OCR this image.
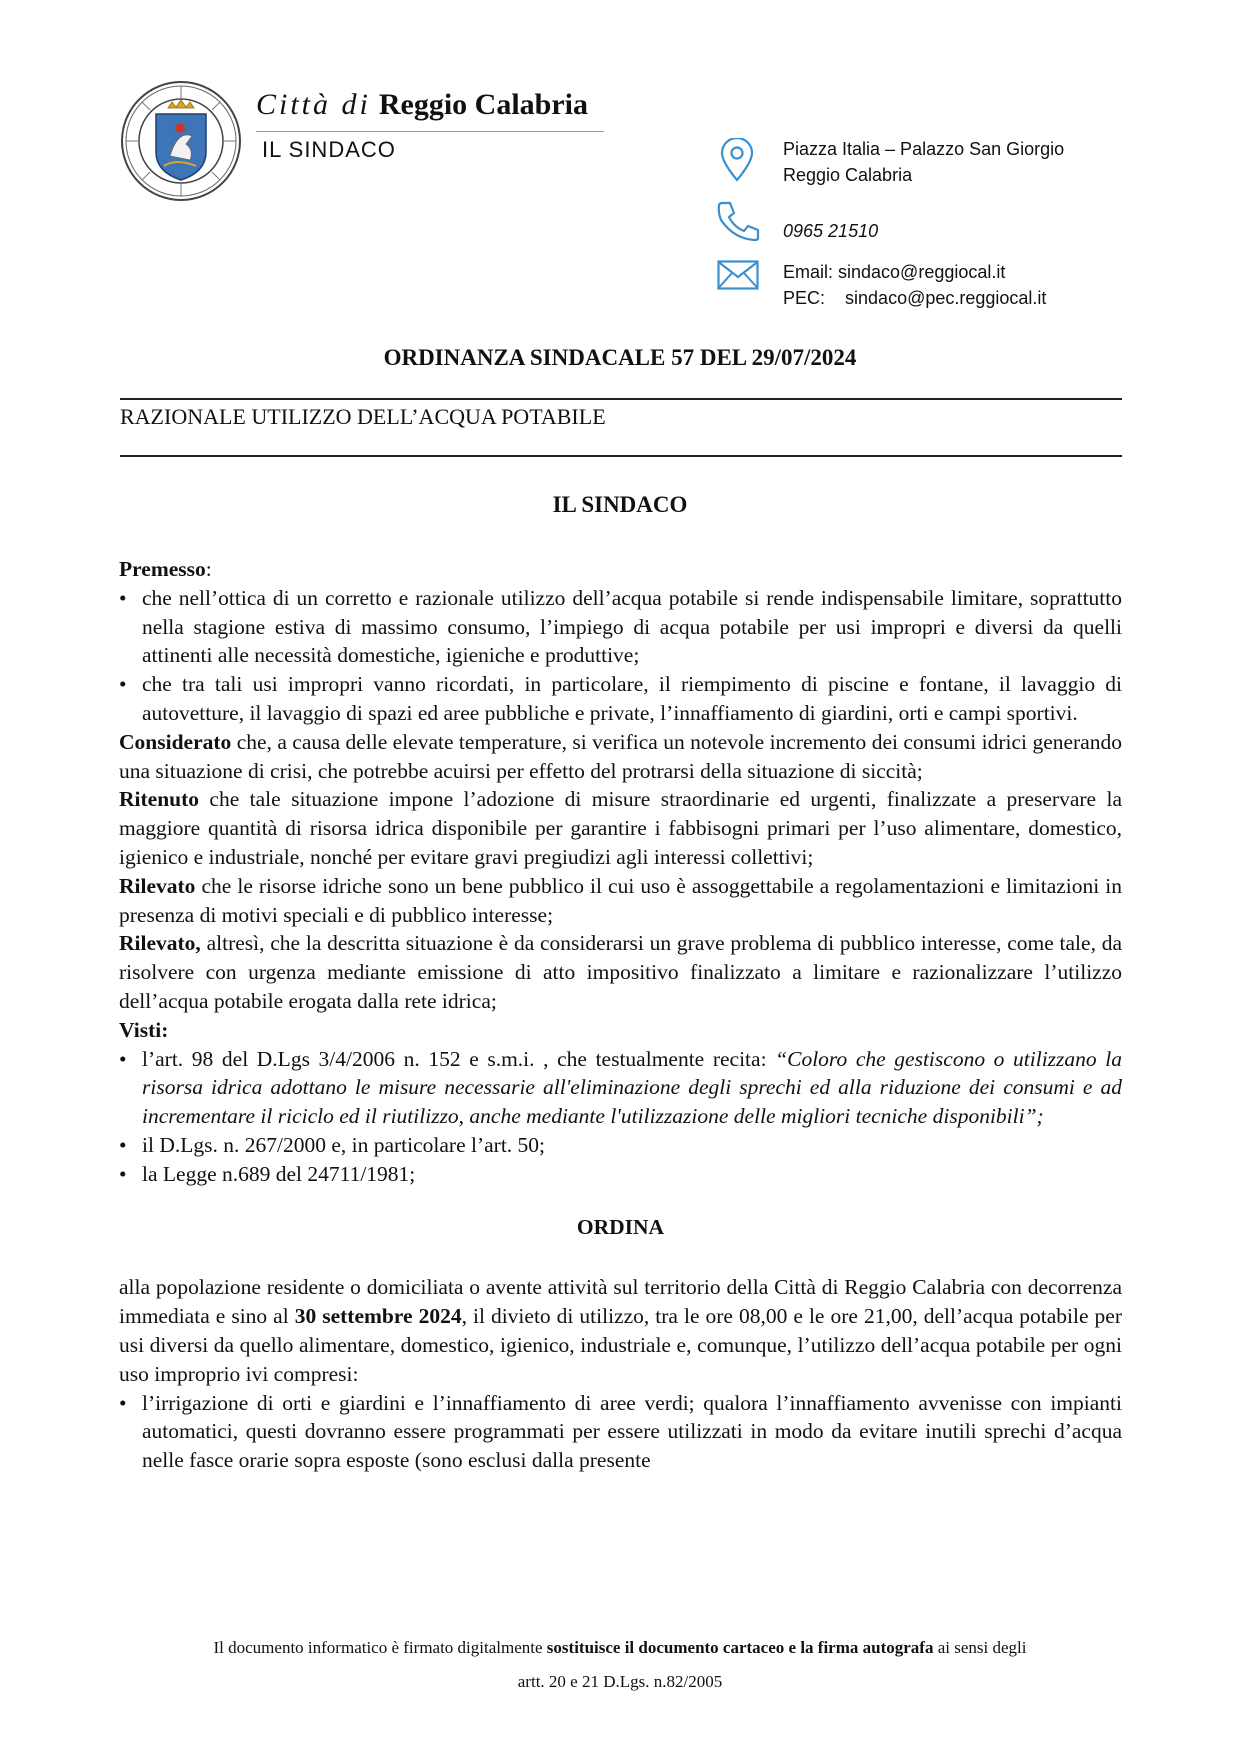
Città di Reggio Calabria
IL SINDACO	Piazza Italia – Palazzo San Giorgio
Reggio Calabria
0965 21510
Email: sindaco@reggiocal.it
PEC: sindaco@pec.reggiocal.it
ORDINANZA SINDACALE 57 DEL 29/07/2024
RAZIONALE UTILIZZO DELL’ACQUA POTABILE
IL SINDACO

Premesso:

• che nell’ottica di un corretto e razionale utilizzo dell’acqua potabile si rende indispensabile limitare, soprattutto nella stagione estiva di massimo consumo, l’impiego di acqua potabile per usi impropri e diversi da quelli attinenti alle necessità domestiche, igieniche e produttive;
• che tra tali usi impropri vanno ricordati, in particolare, il riempimento di piscine e fontane, il lavaggio di autovetture, il lavaggio di spazi ed aree pubbliche e private, l’innaffiamento di giardini, orti e campi sportivi.

Considerato che, a causa delle elevate temperature, si verifica un notevole incremento dei consumi idrici generando una situazione di crisi, che potrebbe acuirsi per effetto del protrarsi della situazione di siccità;

Ritenuto che tale situazione impone l’adozione di misure straordinarie ed urgenti, finalizzate a preservare la maggiore quantità di risorsa idrica disponibile per garantire i fabbisogni primari per l’uso alimentare, domestico, igienico e industriale, nonché per evitare gravi pregiudizi agli interessi collettivi;

Rilevato che le risorse idriche sono un bene pubblico il cui uso è assoggettabile a regolamentazioni e limitazioni in presenza di motivi speciali e di pubblico interesse;

Rilevato, altresì, che la descritta situazione è da considerarsi un grave problema di pubblico interesse, come tale, da risolvere con urgenza mediante emissione di atto impositivo finalizzato a limitare e razionalizzare l’utilizzo dell’acqua potabile erogata dalla rete idrica;

Visti:

• l’art. 98 del D.Lgs 3/4/2006 n. 152 e s.m.i. , che testualmente recita: “Coloro che gestiscono o utilizzano la risorsa idrica adottano le misure necessarie all'eliminazione degli sprechi ed alla riduzione dei consumi e ad incrementare il riciclo ed il riutilizzo, anche mediante l'utilizzazione delle migliori tecniche disponibili”;
• il D.Lgs. n. 267/2000 e, in particolare l’art. 50;
• la Legge n.689 del 24711/1981;

ORDINA

alla popolazione residente o domiciliata o avente attività sul territorio della Città di Reggio Calabria con decorrenza immediata e sino al 30 settembre 2024, il divieto di utilizzo, tra le ore 08,00 e le ore 21,00, dell’acqua potabile per usi diversi da quello alimentare, domestico, igienico, industriale e, comunque, l’utilizzo dell’acqua potabile per ogni uso improprio ivi compresi:

• l’irrigazione di orti e giardini e l’innaffiamento di aree verdi; qualora l’innaffiamento avvenisse con impianti automatici, questi dovranno essere programmati per essere utilizzati in modo da evitare inutili sprechi d’acqua nelle fasce orarie sopra esposte (sono esclusi dalla presente
Il documento informatico è firmato digitalmente sostituisce il documento cartaceo e la firma autografa ai sensi degli
artt. 20 e 21 D.Lgs. n.82/2005
